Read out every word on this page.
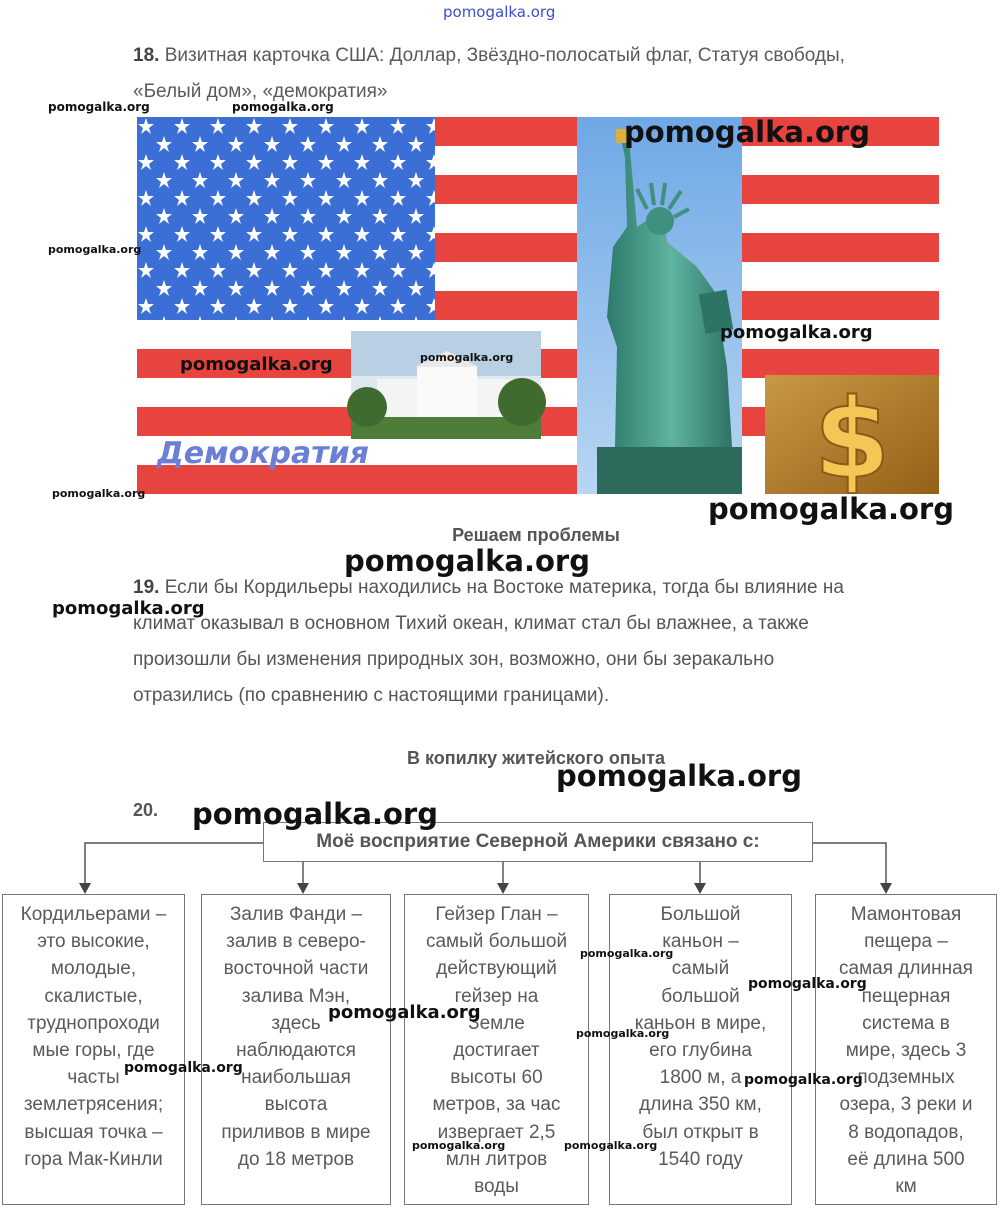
pomogalka.org
18. Визитная карточка США: Доллар, Звёздно-полосатый флаг, Статуя свободы,
«Белый дом», «демократия»
$
Демократия
Решаем проблемы
19. Если бы Кордильеры находились на Востоке материка, тогда бы влияние на
климат оказывал в основном Тихий океан, климат стал бы влажнее, а также
произошли бы изменения природных зон, возможно, они бы зеракально
отразились (по сравнению с настоящими границами).
В копилку житейского опыта
20.
Моё восприятие Северной Америки связано с:
Кордильерами –
это высокие,
молодые,
скалистые,
труднопроходи
мые горы, где
часты
землетрясения;
высшая точка –
гора Мак-Кинли
Залив Фанди –
залив в северо-
восточной части
залива Мэн,
здесь
наблюдаются
наибольшая
высота
приливов в мире
до 18 метров
Гейзер Глан –
самый большой
действующий
гейзер на
Земле
достигает
высоты 60
метров, за час
извергает 2,5
млн литров
воды
Большой
каньон –
самый
большой
каньон в мире,
его глубина
1800 м, а
длина 350 км,
был открыт в
1540 году
Мамонтовая
пещера –
самая длинная
пещерная
система в
мире, здесь 3
подземных
озера, 3 реки и
8 водопадов,
её длина 500
км
pomogalka.org	pomogalka.org
pomogalka.org
pomogalka.org
pomogalka.org
pomogalka.org
pomogalka.org
pomogalka.org	pomogalka.org
pomogalka.org
pomogalka.org
pomogalka.org
pomogalka.org
pomogalka.org
pomogalka.org
pomogalka.org
pomogalka.org
pomogalka.org
pomogalka.org
pomogalka.org	pomogalka.org
